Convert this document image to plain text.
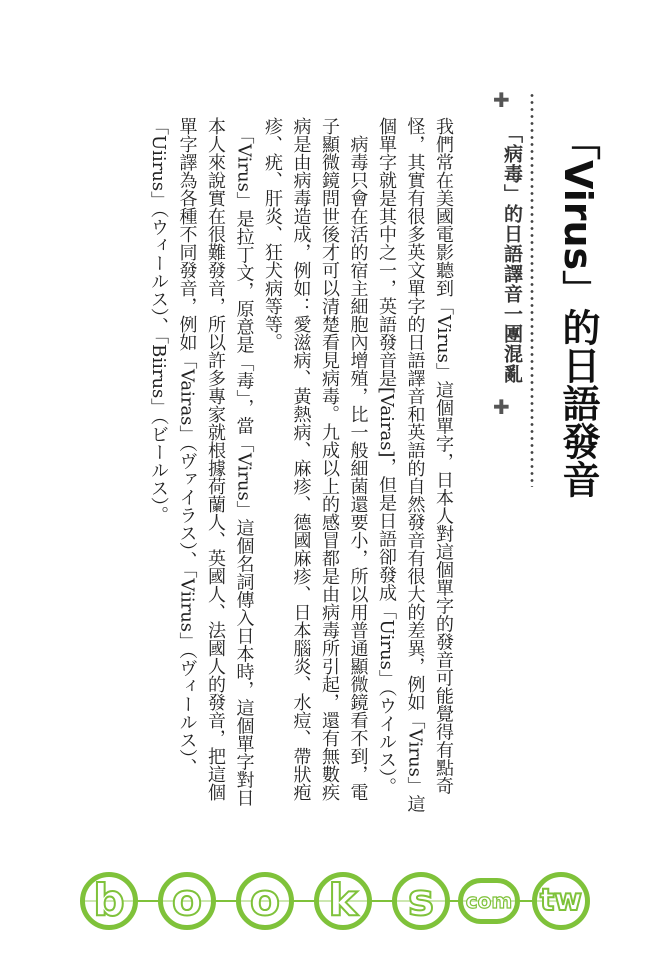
✚
✚ 「Virus」的日語發音
「病毒」的日語譯音一團混亂

我們常在美國電影聽到「Virus」這個單字，日本人對這個單字的發音可能覺得有點奇
怪，其實有很多英文單字的日語譯音和英語的自然發音有很大的差異，例如「Virus」這
個單字就是其中之一，英語發音是[Vairas]，但是日語卻發成「Uirus」（ウイルス）。
　病毒只會在活的宿主細胞內增殖，比一般細菌還要小，所以用普通顯微鏡看不到，電
子顯微鏡問世後才可以清楚看見病毒。九成以上的感冒都是由病毒所引起，還有無數疾
病是由病毒造成，例如：愛滋病、黃熱病、麻疹、德國麻疹、日本腦炎、水痘、帶狀疱
疹、疣、肝炎、狂犬病等等。
　「Virus」是拉丁文，原意是「毒」，當「Virus」這個名詞傳入日本時，這個單字對日
本人來說實在很難發音，所以許多專家就根據荷蘭人、英國人、法國人的發音，把這個
單字譯為各種不同發音，例如「Vairas」（ヴァイラス）、「Viirus」（ヴィールス）、
「Uiirus」（ウィールス）、「Biirus」（ビールス）。

b	o	o	k	s	com tw
